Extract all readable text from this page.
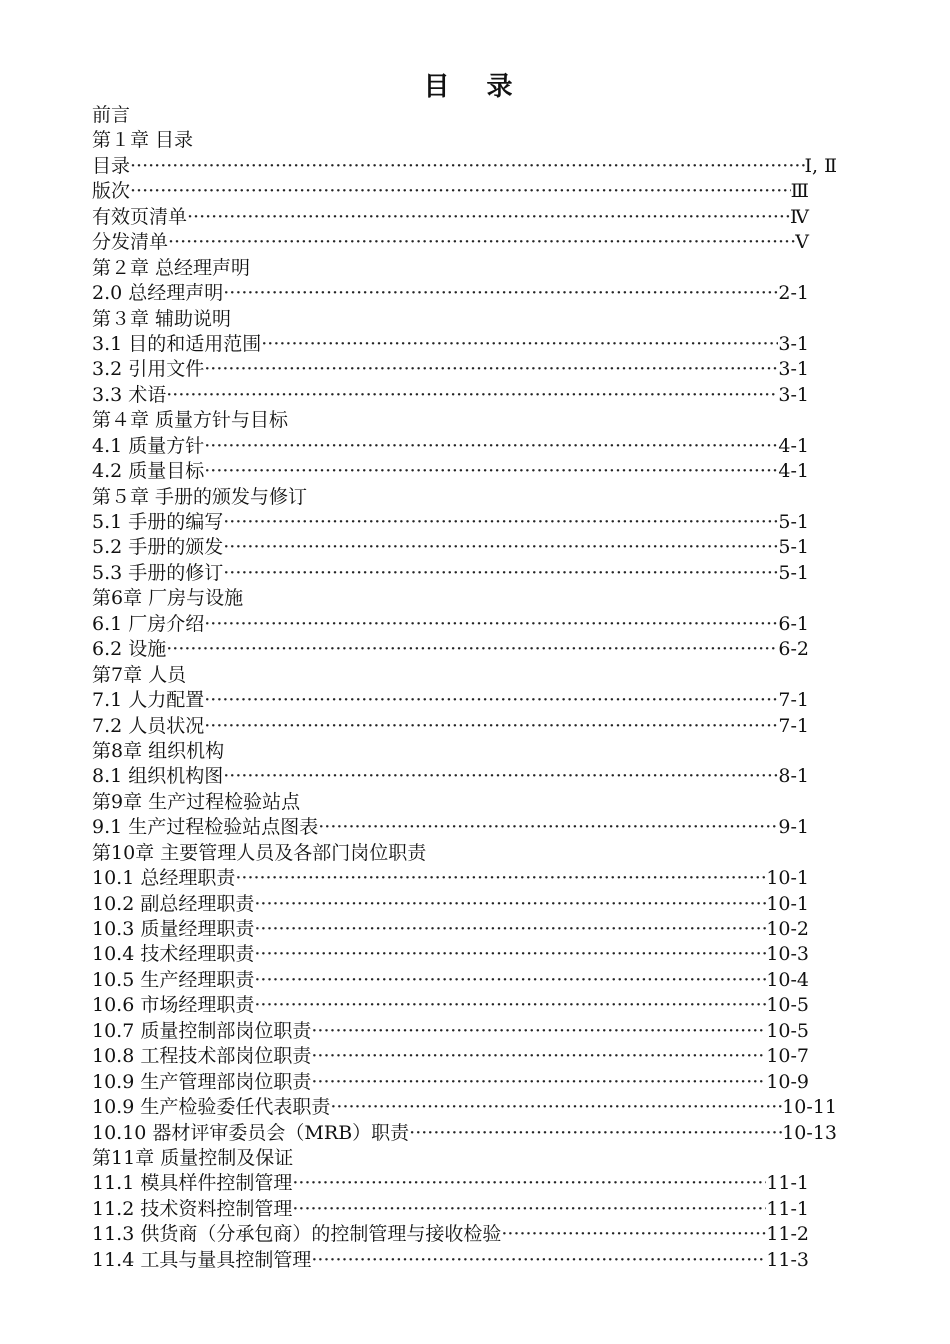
目 录
前言
第１章 目录
目录 ·····	Ⅰ, Ⅱ
版次 ·····	Ⅲ
有效页清单 ·····	Ⅳ
分发清单 ·····	Ⅴ
第２章 总经理声明
2.0 总经理声明 ·····	2-1
第３章 辅助说明
3.1 目的和适用范围 ·····	3-1
3.2 引用文件 ·····	3-1
3.3 术语 ·····	3-1
第４章 质量方针与目标
4.1 质量方针 ·····	4-1
4.2 质量目标 ·····	4-1
第５章 手册的颁发与修订
5.1 手册的编写 ·····	5-1
5.2 手册的颁发 ·····	5-1
5.3 手册的修订 ·····	5-1
第6章 厂房与设施
6.1 厂房介绍 ·····	6-1
6.2 设施 ·····	6-2
第7章 人员
7.1 人力配置 ·····	7-1
7.2 人员状况 ·····	7-1
第8章 组织机构
8.1 组织机构图 ·····	8-1
第9章 生产过程检验站点
9.1 生产过程检验站点图表 ·····	9-1
第10章 主要管理人员及各部门岗位职责
10.1 总经理职责 ·····	10-1
10.2 副总经理职责 ·····	10-1
10.3 质量经理职责 ·····	10-2
10.4 技术经理职责 ·····	10-3
10.5 生产经理职责 ·····	10-4
10.6 市场经理职责 ·····	10-5
10.7 质量控制部岗位职责 ·····	10-5
10.8 工程技术部岗位职责 ·····	10-7
10.9 生产管理部岗位职责 ·····	10-9
10.9 生产检验委任代表职责 ·····	10-11
10.10 器材评审委员会（MRB）职责 ·····	10-13
第11章 质量控制及保证
11.1 模具样件控制管理 ·····	11-1
11.2 技术资料控制管理 ·····	11-1
11.3 供货商（分承包商）的控制管理与接收检验 ·····	11-2
11.4 工具与量具控制管理 ·····	11-3
